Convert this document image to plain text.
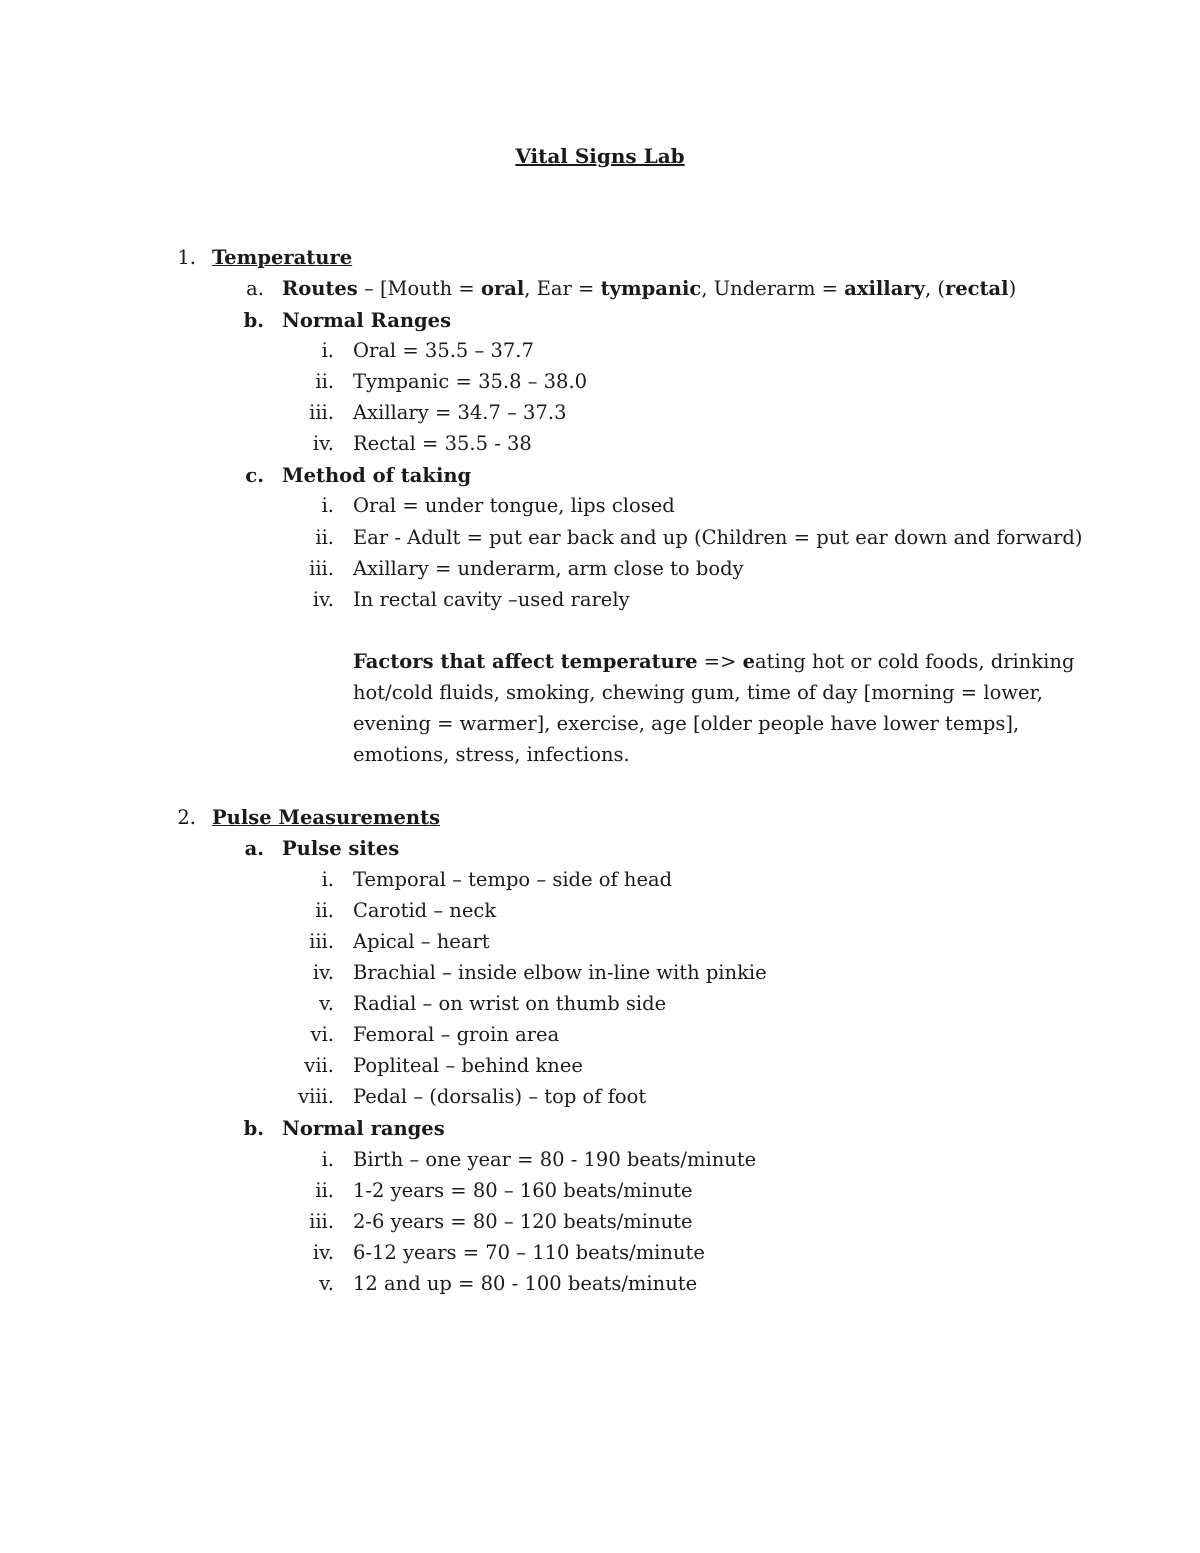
Vital Signs Lab
1. Temperature
a. Routes – [Mouth = oral, Ear = tympanic, Underarm = axillary, (rectal)
b. Normal Ranges
i. Oral = 35.5 – 37.7
ii. Tympanic = 35.8 – 38.0
iii. Axillary = 34.7 – 37.3
iv. Rectal = 35.5 - 38
c. Method of taking
i. Oral = under tongue, lips closed
ii. Ear - Adult = put ear back and up (Children = put ear down and forward)
iii. Axillary = underarm, arm close to body
iv. In rectal cavity –used rarely
Factors that affect temperature => eating hot or cold foods, drinking
hot/cold fluids, smoking, chewing gum, time of day [morning = lower,
evening = warmer], exercise, age [older people have lower temps],
emotions, stress, infections.
2. Pulse Measurements
a. Pulse sites
i. Temporal – tempo – side of head
ii. Carotid – neck
iii. Apical – heart
iv. Brachial – inside elbow in-line with pinkie
v. Radial – on wrist on thumb side
vi. Femoral – groin area
vii. Popliteal – behind knee
viii. Pedal – (dorsalis) – top of foot
b. Normal ranges
i. Birth – one year = 80 - 190 beats/minute
ii. 1-2 years = 80 – 160 beats/minute
iii. 2-6 years = 80 – 120 beats/minute
iv. 6-12 years = 70 – 110 beats/minute
v. 12 and up = 80 - 100 beats/minute
